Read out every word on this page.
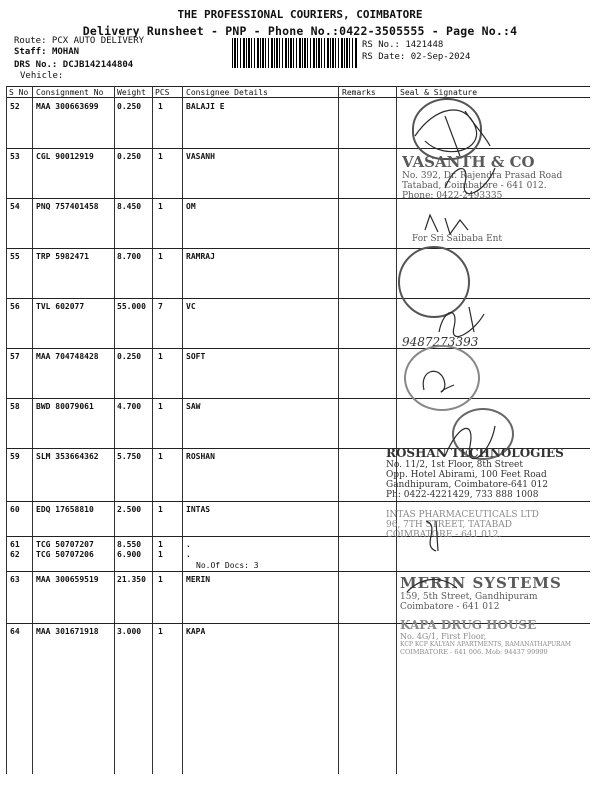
THE PROFESSIONAL COURIERS, COIMBATORE
Delivery Runsheet - PNP - Phone No.:0422-3505555 - Page No.:4
Route: PCX AUTO DELIVERY
Staff: MOHAN
DRS No.: DCJB142144804
Vehicle:
RS No.: 1421448
RS Date: 02-Sep-2024
S No Consignment No Weight PCS Consignee Details	Remarks	Seal & Signature
52 MAA 300663699 0.250 1	BALAJI E
53 CGL 90012919	0.250 1	VASANH
54 PNQ 757401458 8.450 1	OM
55 TRP 5982471	8.700 1	RAMRAJ
56 TVL 602077	55.000 7	VC
57 MAA 704748428 0.250 1	SOFT
58 BWD 80079061	4.700 1	SAW
59 SLM 353664362 5.750 1	ROSHAN
60 EDQ 17658810	2.500 1	INTAS
61 TCG 50707207	8.550 1	.
62 TCG 50707206	6.900 1	.
63 MAA 300659519 21.350 1	MERIN
64 MAA 301671918 3.000 1	KAPA
No.Of Docs: 3
VASANTH & CO
No. 392, Dr. Rajendra Prasad Road
Tatabad, Coimbatore - 641 012.
Phone: 0422-2493335
For Sri Saibaba Ent
9487273393
ROSHAN TECHNOLOGIES
No. 11/2, 1st Floor, 8th Street
Opp. Hotel Abirami, 100 Feet Road
Gandhipuram, Coimbatore-641 012
Ph: 0422-4221429, 733 888 1008
INTAS PHARMACEUTICALS LTD
96, 7TH STREET, TATABAD
COIMBATORE - 641 012.
MERIN SYSTEMS
159, 5th Street, Gandhipuram
Coimbatore - 641 012
KAPA DRUG HOUSE
No. 4G/1, First Floor,
KCP KCP KALYAN APARTMENTS, RAMANATHAPURAM
COIMBATORE - 641 006. Mob: 94437 99990
